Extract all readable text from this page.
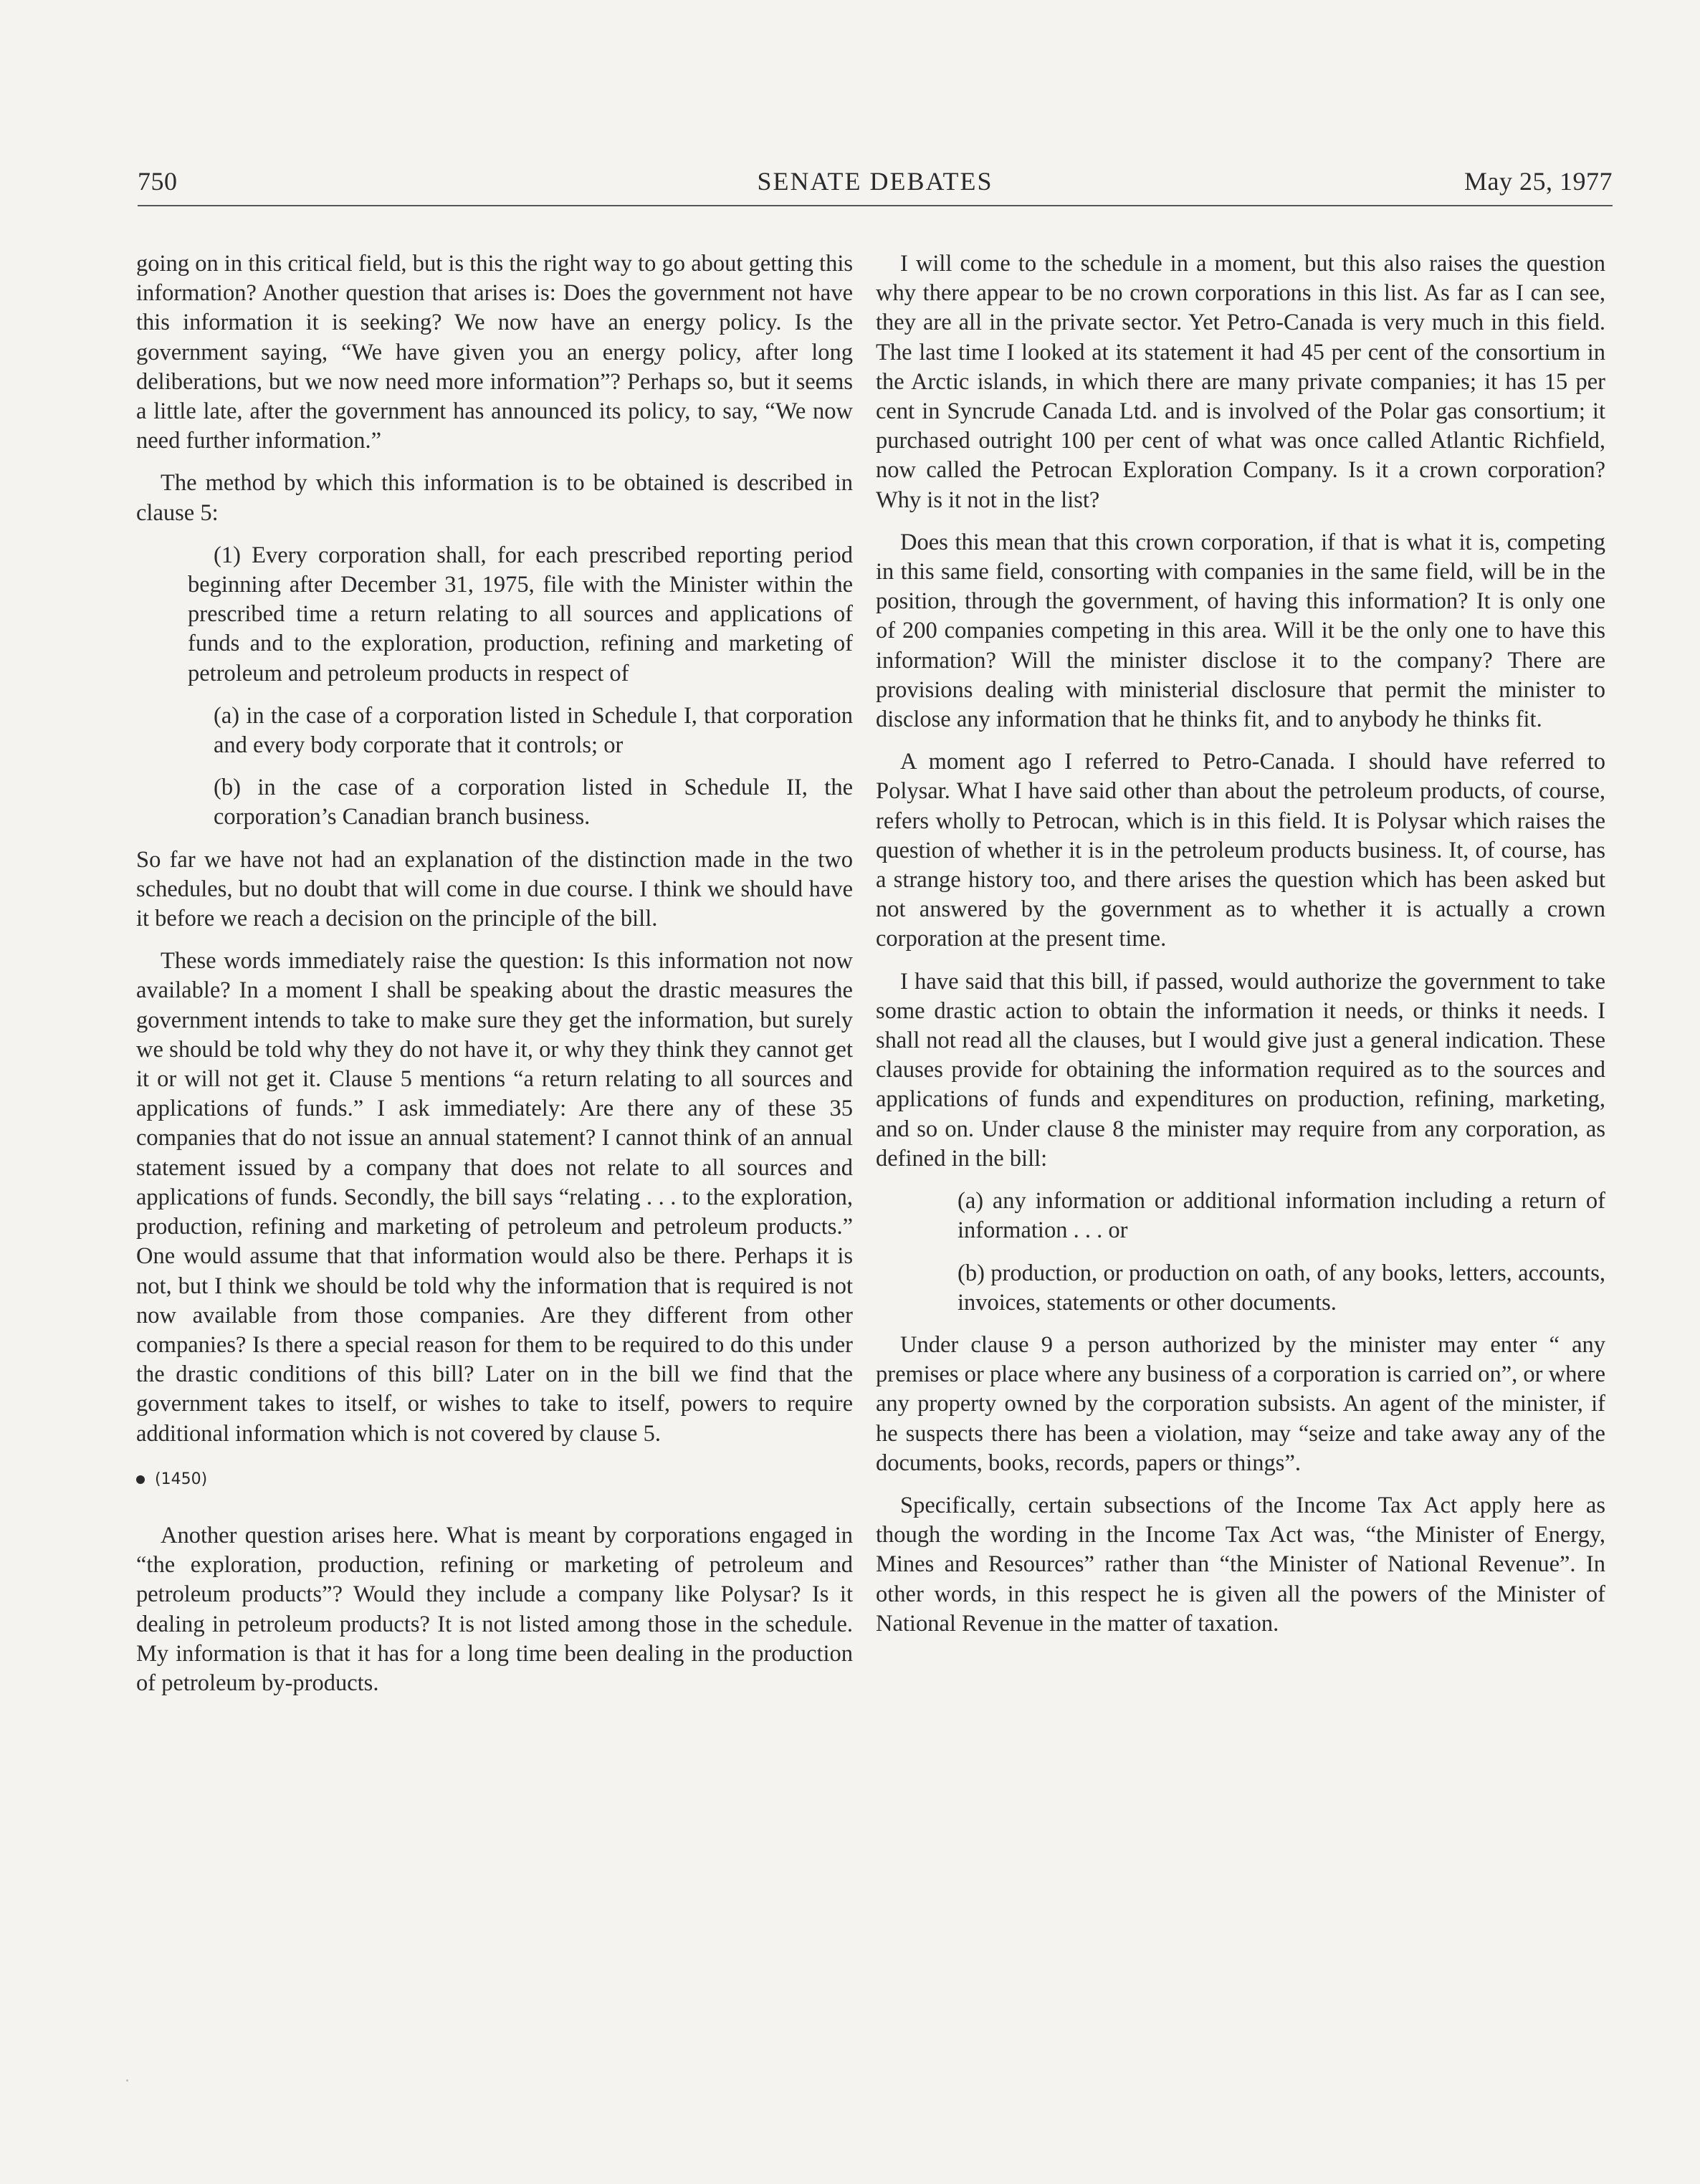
SENATE DEBATES
750	May 25, 1977

going on in this critical field, but is this the right way to go about getting this information? Another question that arises is: Does the government not have this information it is seeking? We now have an energy policy. Is the government saying, “We have given you an energy policy, after long deliberations, but we now need more information”? Perhaps so, but it seems a little late, after the government has announced its policy, to say, “We now need further information.”

The method by which this information is to be obtained is described in clause 5:

(1) Every corporation shall, for each prescribed reporting period beginning after December 31, 1975, file with the Minister within the prescribed time a return relating to all sources and applications of funds and to the exploration, production, refining and marketing of petroleum and petroleum products in respect of
(a) in the case of a corporation listed in Schedule I, that corporation and every body corporate that it controls; or
(b) in the case of a corporation listed in Schedule II, the corporation’s Canadian branch business.

So far we have not had an explanation of the distinction made in the two schedules, but no doubt that will come in due course. I think we should have it before we reach a decision on the principle of the bill.

These words immediately raise the question: Is this information not now available? In a moment I shall be speaking about the drastic measures the government intends to take to make sure they get the information, but surely we should be told why they do not have it, or why they think they cannot get it or will not get it. Clause 5 mentions “a return relating to all sources and applications of funds.” I ask immediately: Are there any of these 35 companies that do not issue an annual statement? I cannot think of an annual statement issued by a company that does not relate to all sources and applications of funds. Secondly, the bill says “relating . . . to the exploration, production, refining and marketing of petroleum and petroleum products.” One would assume that that information would also be there. Perhaps it is not, but I think we should be told why the information that is required is not now available from those companies. Are they different from other companies? Is there a special reason for them to be required to do this under the drastic conditions of this bill? Later on in the bill we find that the government takes to itself, or wishes to take to itself, powers to require additional information which is not covered by clause 5.

(1450)

Another question arises here. What is meant by corporations engaged in “the exploration, production, refining or marketing of petroleum and petroleum products”? Would they include a company like Polysar? Is it dealing in petroleum products? It is not listed among those in the schedule. My information is that it has for a long time been dealing in the production of petroleum by-products.

I will come to the schedule in a moment, but this also raises the question why there appear to be no crown corporations in this list. As far as I can see, they are all in the private sector. Yet Petro-Canada is very much in this field. The last time I looked at its statement it had 45 per cent of the consortium in the Arctic islands, in which there are many private companies; it has 15 per cent in Syncrude Canada Ltd. and is involved of the Polar gas consortium; it purchased outright 100 per cent of what was once called Atlantic Richfield, now called the Petrocan Exploration Company. Is it a crown corporation? Why is it not in the list?

Does this mean that this crown corporation, if that is what it is, competing in this same field, consorting with companies in the same field, will be in the position, through the government, of having this information? It is only one of 200 companies competing in this area. Will it be the only one to have this information? Will the minister disclose it to the company? There are provisions dealing with ministerial disclosure that permit the minister to disclose any information that he thinks fit, and to anybody he thinks fit.

A moment ago I referred to Petro-Canada. I should have referred to Polysar. What I have said other than about the petroleum products, of course, refers wholly to Petrocan, which is in this field. It is Polysar which raises the question of whether it is in the petroleum products business. It, of course, has a strange history too, and there arises the question which has been asked but not answered by the government as to whether it is actually a crown corporation at the present time.

I have said that this bill, if passed, would authorize the government to take some drastic action to obtain the information it needs, or thinks it needs. I shall not read all the clauses, but I would give just a general indication. These clauses provide for obtaining the information required as to the sources and applications of funds and expenditures on production, refining, marketing, and so on. Under clause 8 the minister may require from any corporation, as defined in the bill:

(a) any information or additional information including a return of information . . . or
(b) production, or production on oath, of any books, letters, accounts, invoices, statements or other documents.

Under clause 9 a person authorized by the minister may enter “ any premises or place where any business of a corporation is carried on”, or where any property owned by the corporation subsists. An agent of the minister, if he suspects there has been a violation, may “seize and take away any of the documents, books, records, papers or things”.

Specifically, certain subsections of the Income Tax Act apply here as though the wording in the Income Tax Act was, “the Minister of Energy, Mines and Resources” rather than “the Minister of National Revenue”. In other words, in this respect he is given all the powers of the Minister of National Revenue in the matter of taxation.
